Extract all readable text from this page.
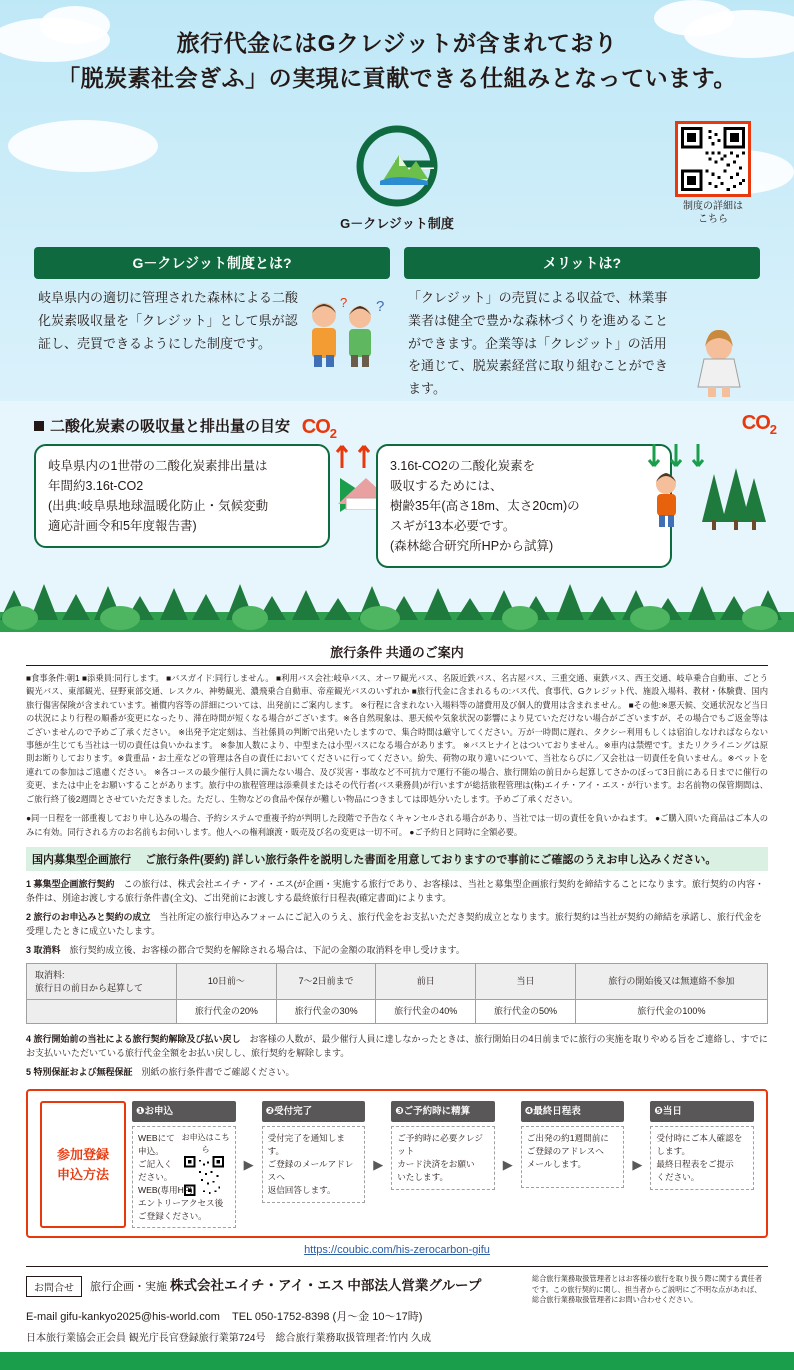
旅行代金にはGクレジットが含まれており
「脱炭素社会ぎふ」の実現に貢献できる仕組みとなっています。
G－クレジット制度
制度の詳細は
こちら
G－クレジット制度とは?

岐阜県内の適切に管理された森林による二酸化炭素吸収量を「クレジット」として県が認証し、売買できるようにした制度です。

?
?
メリットは?

「クレジット」の売買による収益で、林業事業者は健全で豊かな森林づくりを進めることができます。企業等は「クレジット」の活用を通じて、脱炭素経営に取り組むことができます。

二酸化炭素の吸収量と排出量の目安
岐阜県内の1世帯の二酸化炭素排出量は
年間約3.16t-CO2
(出典:岐阜県地球温暖化防止・気候変動
適応計画令和5年度報告書)
$CO_2$
3.16t-CO2の二酸化炭素を
吸収するためには、
樹齢35年(高さ18m、太さ20cm)の
スギが13本必要です。
(森林総合研究所HPから試算)
$CO_2$
旅行条件 共通のご案内

■食事条件:朝1 ■添乗員:同行します。 ■バスガイド:同行しません。 ■利用バス会社:岐阜バス、オーワ観光バス、名阪近鉄バス、名古屋バス、三重交通、東鉄バス、西王交通、岐阜乗合自動車、ごとう観光バス、東部観光、昼野東部交通、レスクル、神勢観光、濃飛乗合自動車、帝産観光バスのいずれか ■旅行代金に含まれるもの:バス代、食事代、Gクレジット代、施設入場料、教材・体験費、国内旅行傷害保険が含まれています。補償内容等の詳細については、出発前にご案内します。 ※行程に含まれない入場料等の諸費用及び個人的費用は含まれません。 ■その他:※悪天候、交通状況など当日の状況により行程の順番が変更になったり、滞在時間が短くなる場合がございます。※各自然現象は、悪天候や気象状況の影響により見ていただけない場合がございますが、その場合でもご返金等はございませんので予めご了承ください。 ※出発予定定刻は、当社係員の判断で出発いたしますので、集合時間は厳守してください。万が一時間に遅れ、タクシー利用もしくは宿泊しなければならない事態が生じても当社は一切の責任は負いかねます。 ※参加人数により、中型または小型バスになる場合があります。 ※バスヒナイとはついておりません。※車内は禁煙です。またリクライニングは原則お断りしております。※貴重品・お土産などの管理は各自の責任においてくださいに行ってください。紛失、荷物の取り違いについて、当社ならびに／又会社は一切責任を負いません。※ペットを連れての参加はご遠慮ください。 ※各コースの最少催行人員に満たない場合、及び災害・事故など不可抗力で運行不能の場合、旅行開始の前日から起算してさかのぼって3日前にある日までに催行の変更、または中止をお願いすることがあります。旅行中の旅程管理は添乗員またはその代行者(バス乗務員)が行いますが総括旅程管理は(株)エイチ・アイ・エス・が行います。お名前物の保管期間は、ご旅行終了後2週間とさせていただきました。ただし、生物などの食品や保存が難しい物品につきましては即処分いたします。予めご了承ください。

●同一日程を一部重複しており申し込みの場合、予約システムで重複予約が判明した段階で予告なくキャンセルされる場合があり、当社では一切の責任を負いかねます。 ●ご購入頂いた商品はご本人のみに有効。同行される方のお名前もお伺いします。他人への権利譲渡・販売及び名の変更は一切不可。 ●ご予約日と同時に全額必要。

国内募集型企画旅行 　ご旅行条件(要約) 詳しい旅行条件を説明した書面を用意しておりますので事前にご確認のうえお申し込みください。
1 募集型企画旅行契約　この旅行は、株式会社エイチ・アイ・エス(が企画・実施する旅行であり、お客様は、当社と募集型企画旅行契約を締結することになります。旅行契約の内容・条件は、別途お渡しする旅行条件書(全文)、ご出発前にお渡しする最終旅行日程表(確定書面)によります。
2 旅行のお申込みと契約の成立　当社所定の旅行申込みフォームにご記入のうえ、旅行代金をお支払いただき契約成立となります。旅行契約は当社が契約の締結を承諾し、旅行代金を受理したときに成立いたします。
3 取消料　旅行契約成立後、お客様の都合で契約を解除される場合は、下記の金額の取消料を申し受けます。
取消料:
旅行日の前日から起算して	10日前～	7～2日前まで	前日	当日	旅行の開始後又は無連絡不参加
	旅行代金の20%	旅行代金の30%	旅行代金の40%	旅行代金の50%	旅行代金の100%
4 旅行開始前の当社による旅行契約解除及び払い戻し　お客様の人数が、最少催行人員に達しなかったときは、旅行開始日の4日前までに旅行の実施を取りやめる旨をご連絡し、すでにお支払いいただいている旅行代金全額をお払い戻しし、旅行契約を解除します。
5 特別保証および無程保証　別紙の旅行条件書でご確認ください。
参加登録
申込方法
❶お申込
お申込はこちら
WEBにて申込。
ご記入ください。
WEB(専用HP)
エントリーアクセス後
ご登録ください。
▶
❷受付完了
受付完了を通知します。
ご登録のメールアドレスへ
返信回答します。
▶
❸ご予約時に精算
ご予約時に必要クレジット
カード決済をお願い
いたします。
▶
❹最終日程表
ご出発の約1週間前に
ご登録のアドレスへ
メールします。	▶
❺当日
受付時にご本人確認をします。
最終日程表をご提示
ください。
https://coubic.com/his-zerocarbon-gifu
お問合せ	旅行企画・実施 株式会社エイチ・アイ・エス 中部法人営業グループ	総合旅行業務取扱管理者とはお客様の旅行を取り扱う際に関する責任者です。この旅行契約に関し、担当者からご説明にご不明な点があれば、総合旅行業務取扱管理者にお問い合わせください。
E-mail gifu-kankyo2025@his-world.com TEL 050-1752-8398 (月～金 10～17時)
日本旅行業協会正会員 観光庁長官登録旅行業第724号　総合旅行業務取扱管理者:竹内 久成
